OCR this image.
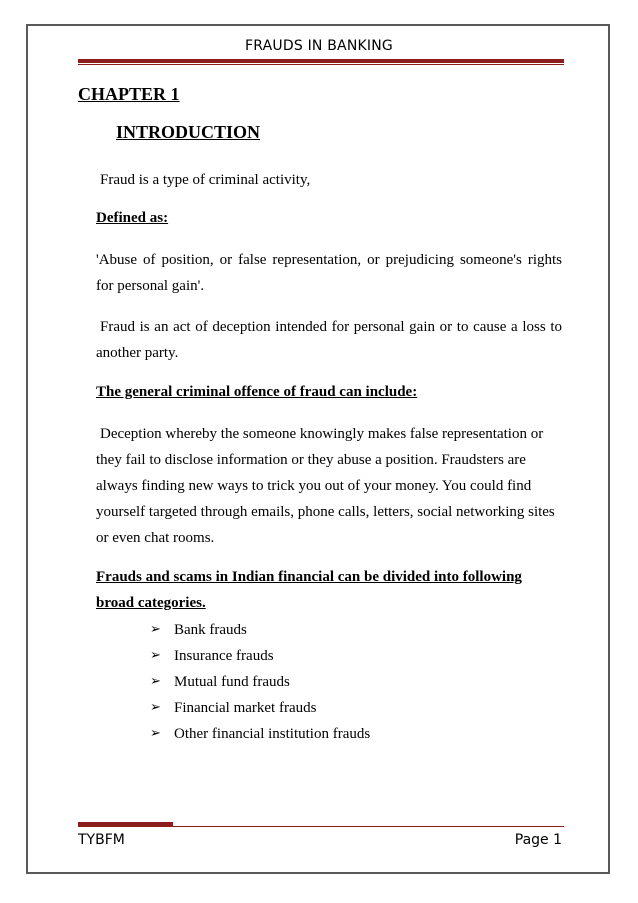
FRAUDS IN BANKING
CHAPTER 1
INTRODUCTION
Fraud is a type of criminal activity,
Defined as:
'Abuse of position, or false representation, or prejudicing someone's rights for personal gain'.
Fraud is an act of deception intended for personal gain or to cause a loss to another party.
The general criminal offence of fraud can include:
Deception whereby the someone knowingly makes false representation or they fail to disclose information or they abuse a position. Fraudsters are always finding new ways to trick you out of your money. You could find yourself targeted through emails, phone calls, letters, social networking sites or even chat rooms.
Frauds and scams in Indian financial can be divided into following broad categories.
➢ Bank frauds
➢ Insurance frauds
➢ Mutual fund frauds
➢ Financial market frauds
➢ Other financial institution frauds
TYBFM	Page 1
